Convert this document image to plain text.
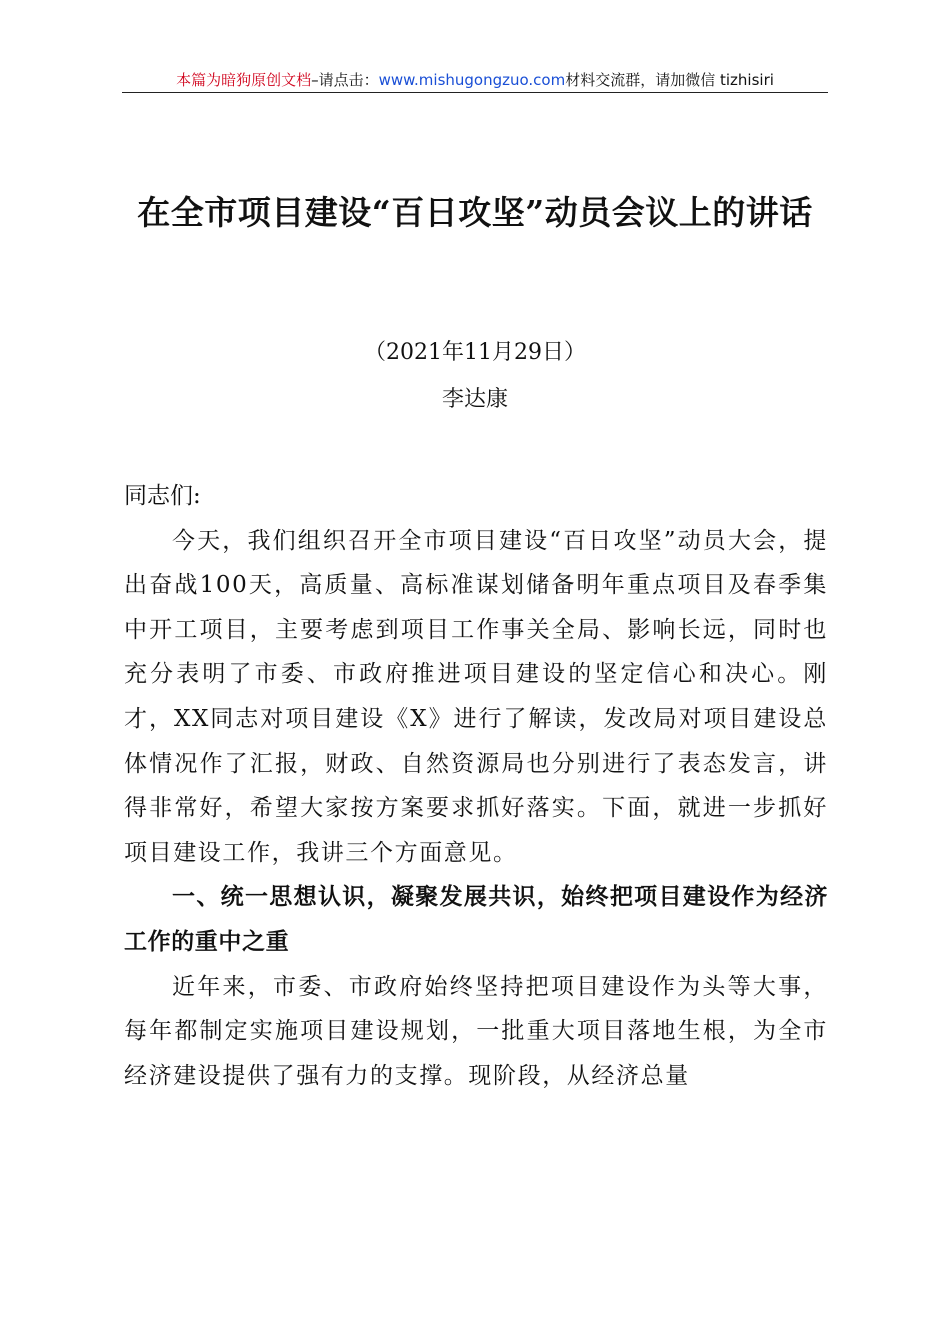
本篇为暗狗原创文档–请点击：www.mishugongzuo.com材料交流群，请加微信 tizhisiri
在全市项目建设“百日攻坚”动员会议上的讲话
（2021年11月29日）
李达康

同志们:

今天，我们组织召开全市项目建设“百日攻坚”动员大会，提出奋战100天，高质量、高标准谋划储备明年重点项目及春季集中开工项目，主要考虑到项目工作事关全局、影响长远，同时也充分表明了市委、市政府推进项目建设的坚定信心和决心。刚才，XX同志对项目建设《X》进行了解读，发改局对项目建设总体情况作了汇报，财政、自然资源局也分别进行了表态发言，讲得非常好，希望大家按方案要求抓好落实。下面，就进一步抓好项目建设工作，我讲三个方面意见。

一、统一思想认识，凝聚发展共识，始终把项目建设作为经济工作的重中之重

近年来，市委、市政府始终坚持把项目建设作为头等大事，每年都制定实施项目建设规划，一批重大项目落地生根，为全市经济建设提供了强有力的支撑。现阶段，从经济总量
